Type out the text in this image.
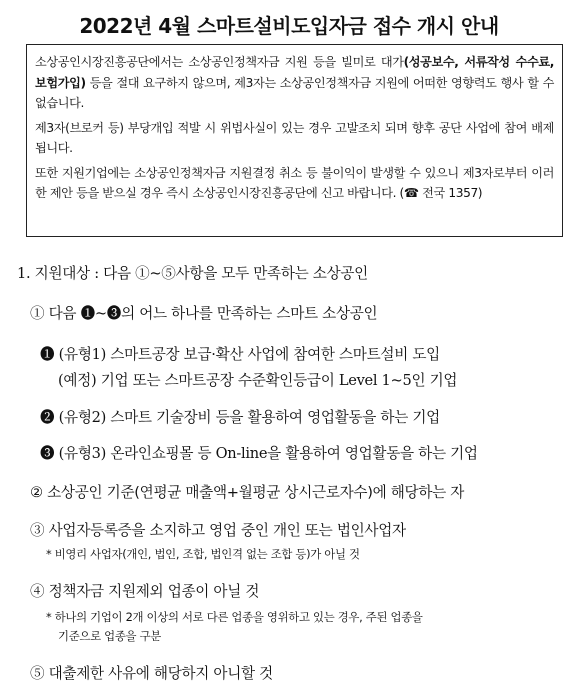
2022년 4월 스마트설비도입자금 접수 개시 안내

소상공인시장진흥공단에서는 소상공인정책자금 지원 등을 빌미로 대가(성공보수, 서류작성 수수료, 보험가입) 등을 절대 요구하지 않으며, 제3자는 소상공인정책자금 지원에 어떠한 영향력도 행사 할 수 없습니다.

제3자(브로커 등) 부당개입 적발 시 위법사실이 있는 경우 고발조치 되며 향후 공단 사업에 참여 배제됩니다.

또한 지원기업에는 소상공인정책자금 지원결정 취소 등 불이익이 발생할 수 있으니 제3자로부터 이러한 제안 등을 받으실 경우 즉시 소상공인시장진흥공단에 신고 바랍니다. (☎ 전국 1357)

1. 지원대상 : 다음 ①~⑤사항을 모두 만족하는 소상공인
① 다음 ❶~❸의 어느 하나를 만족하는 스마트 소상공인
❶ (유형1) 스마트공장 보급·확산 사업에 참여한 스마트설비 도입
(예정) 기업 또는 스마트공장 수준확인등급이 Level 1~5인 기업
❷ (유형2) 스마트 기술장비 등을 활용하여 영업활동을 하는 기업
❸ (유형3) 온라인쇼핑몰 등 On-line을 활용하여 영업활동을 하는 기업
② 소상공인 기준(연평균 매출액+월평균 상시근로자수)에 해당하는 자
③ 사업자등록증을 소지하고 영업 중인 개인 또는 법인사업자
* 비영리 사업자(개인, 법인, 조합, 법인격 없는 조합 등)가 아닐 것
④ 정책자금 지원제외 업종이 아닐 것
* 하나의 기업이 2개 이상의 서로 다른 업종을 영위하고 있는 경우, 주된 업종을
기준으로 업종을 구분
⑤ 대출제한 사유에 해당하지 아니할 것
